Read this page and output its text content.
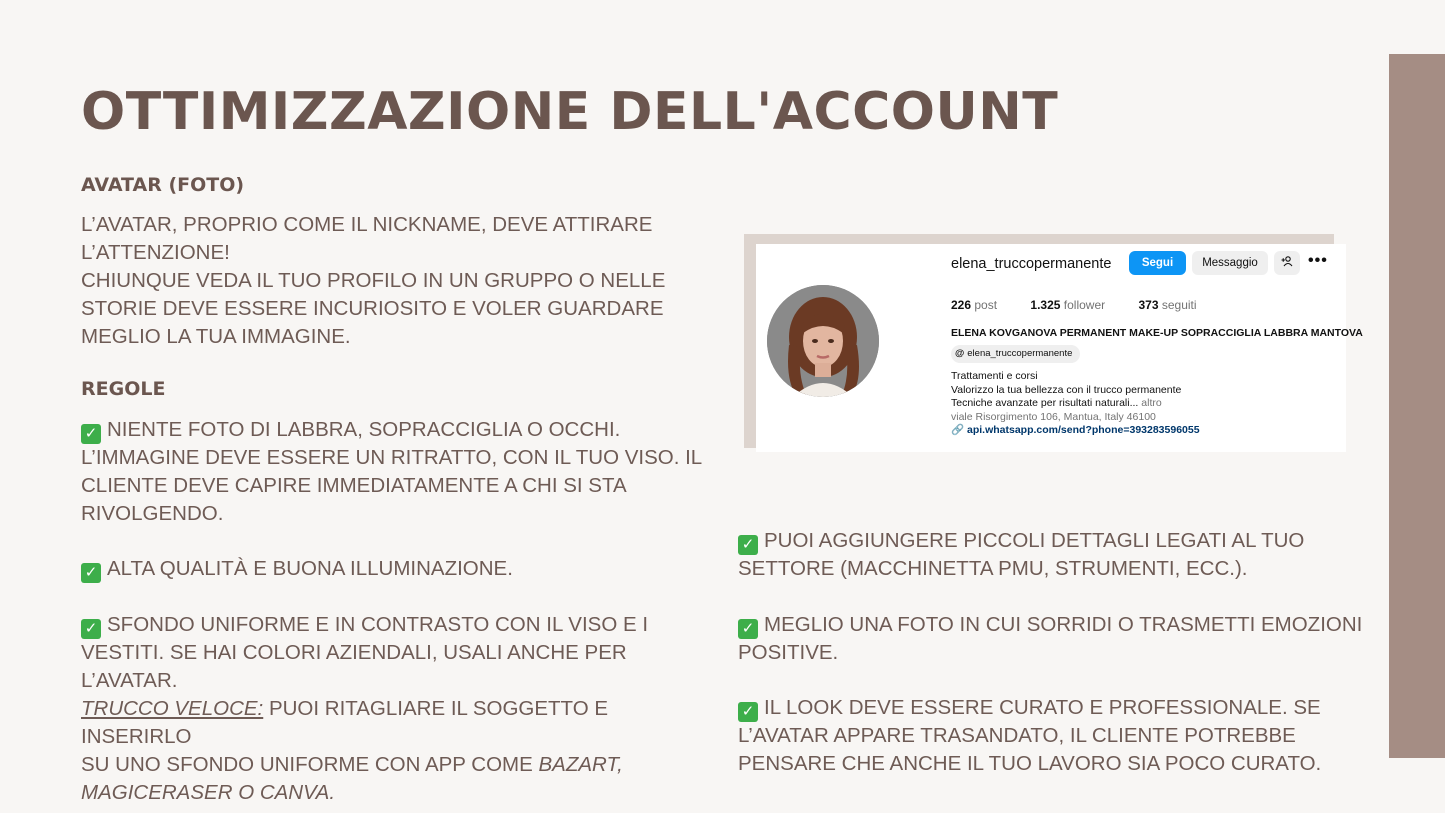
OTTIMIZZAZIONE DELL'ACCOUNT
AVATAR (FOTO)

L’AVATAR, PROPRIO COME IL NICKNAME, DEVE ATTIRARE
L’ATTENZIONE!
CHIUNQUE VEDA IL TUO PROFILO IN UN GRUPPO O NELLE
STORIE DEVE ESSERE INCURIOSITO E VOLER GUARDARE
MEGLIO LA TUA IMMAGINE.

REGOLE

✓ NIENTE FOTO DI LABBRA, SOPRACCIGLIA O OCCHI.
L’IMMAGINE DEVE ESSERE UN RITRATTO, CON IL TUO VISO. IL
CLIENTE DEVE CAPIRE IMMEDIATAMENTE A CHI SI STA
RIVOLGENDO.

✓ ALTA QUALITÀ E BUONA ILLUMINAZIONE.

✓ SFONDO UNIFORME E IN CONTRASTO CON IL VISO E I
VESTITI. SE HAI COLORI AZIENDALI, USALI ANCHE PER
L’AVATAR.
TRUCCO VELOCE: PUOI RITAGLIARE IL SOGGETTO E INSERIRLO
SU UNO SFONDO UNIFORME CON APP COME BAZART,
MAGICERASER O CANVA.

✓ PUOI AGGIUNGERE PICCOLI DETTAGLI LEGATI AL TUO
SETTORE (MACCHINETTA PMU, STRUMENTI, ECC.).

✓ MEGLIO UNA FOTO IN CUI SORRIDI O TRASMETTI EMOZIONI
POSITIVE.

✓ IL LOOK DEVE ESSERE CURATO E PROFESSIONALE. SE
L’AVATAR APPARE TRASANDATO, IL CLIENTE POTREBBE
PENSARE CHE ANCHE IL TUO LAVORO SIA POCO CURATO.

elena_truccopermanente	Segui	Messaggio	•••
226 post	1.325 follower	373 seguiti
ELENA KOVGANOVA PERMANENT MAKE-UP SOPRACCIGLIA LABBRA MANTOVA
@ elena_truccopermanente
Trattamenti e corsi
Valorizzo la tua bellezza con il trucco permanente
Tecniche avanzate per risultati naturali... altro
viale Risorgimento 106, Mantua, Italy 46100
🔗 api.whatsapp.com/send?phone=393283596055
